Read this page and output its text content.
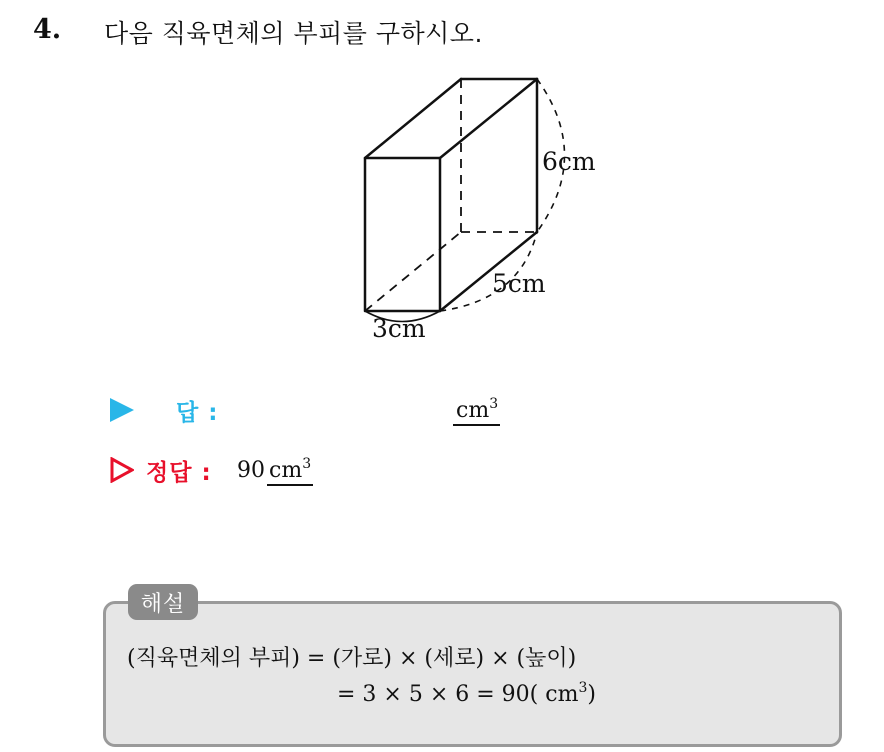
4. 다음 직육면체의 부피를 구하시오.
6cm
5cm
3cm
답 :	$cm^3$
정답 : 90 $cm^3$
해설
(직육면체의 부피) = (가로) × (세로) × (높이)
= 3 × 5 × 6 = 90( $cm^3$)
